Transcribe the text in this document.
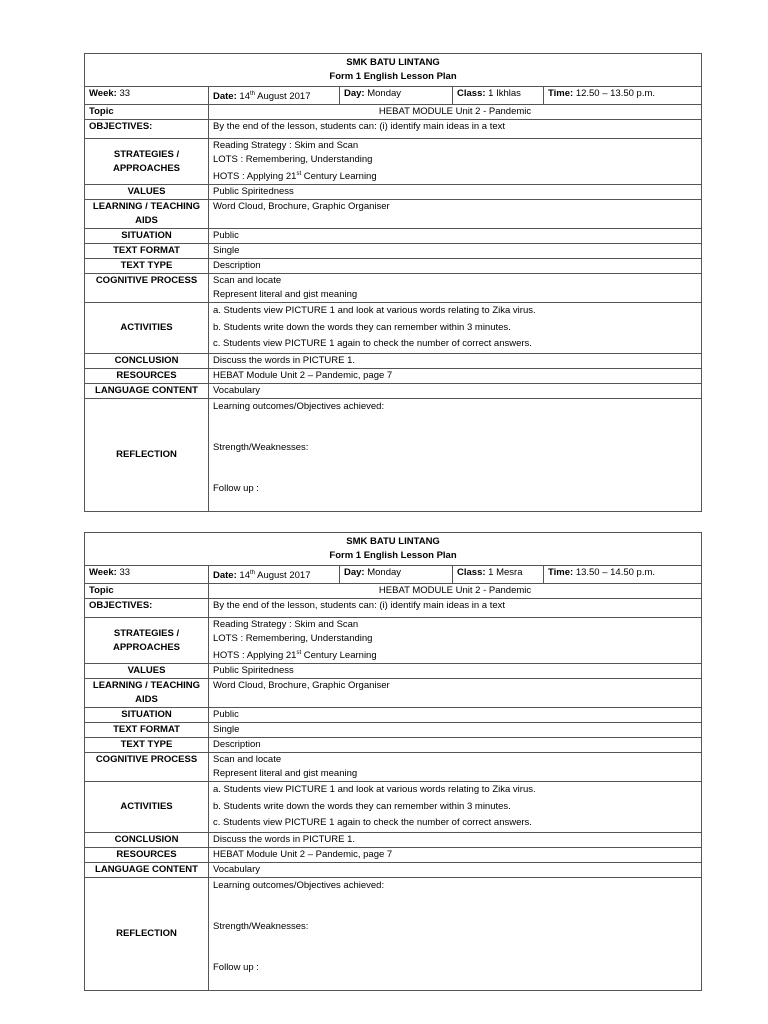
SMK BATU LINTANG
Form 1 English Lesson Plan				

Week: 33	Date: 14th August 2017	Day: Monday	Class: 1 Ikhlas	Time: 12.50 – 13.50 p.m.
Topic	HEBAT MODULE Unit 2 - Pandemic			
OBJECTIVES:	By the end of the lesson, students can: (i) identify main ideas in a text			
STRATEGIES / APPROACHES	Reading Strategy : Skim and Scan
LOTS : Remembering, Understanding
HOTS : Applying 21st Century Learning			

VALUES	Public Spiritedness			
LEARNING / TEACHING AIDS	Word Cloud, Brochure, Graphic Organiser			
SITUATION	Public			
TEXT FORMAT	Single			
TEXT TYPE	Description			
COGNITIVE PROCESS	Scan and locate
Represent literal and gist meaning			

ACTIVITIES	a. Students view PICTURE 1 and look at various words relating to Zika virus.
b. Students write down the words they can remember within 3 minutes.
c. Students view PICTURE 1 again to check the number of correct answers.			

CONCLUSION	Discuss the words in PICTURE 1.			
RESOURCES	HEBAT Module Unit 2 – Pandemic, page 7			
LANGUAGE CONTENT	Vocabulary			
REFLECTION	Learning outcomes/Objectives achieved:
Strength/Weaknesses:
Follow up :			
SMK BATU LINTANG
Form 1 English Lesson Plan				

Week: 33	Date: 14th August 2017	Day: Monday	Class: 1 Mesra	Time: 13.50 – 14.50 p.m.
Topic	HEBAT MODULE Unit 2 - Pandemic			
OBJECTIVES:	By the end of the lesson, students can: (i) identify main ideas in a text			
STRATEGIES / APPROACHES	Reading Strategy : Skim and Scan
LOTS : Remembering, Understanding
HOTS : Applying 21st Century Learning			

VALUES	Public Spiritedness			
LEARNING / TEACHING AIDS	Word Cloud, Brochure, Graphic Organiser			
SITUATION	Public			
TEXT FORMAT	Single			
TEXT TYPE	Description			
COGNITIVE PROCESS	Scan and locate
Represent literal and gist meaning			

ACTIVITIES	a. Students view PICTURE 1 and look at various words relating to Zika virus.
b. Students write down the words they can remember within 3 minutes.
c. Students view PICTURE 1 again to check the number of correct answers.			

CONCLUSION	Discuss the words in PICTURE 1.			
RESOURCES	HEBAT Module Unit 2 – Pandemic, page 7			
LANGUAGE CONTENT	Vocabulary			
REFLECTION	Learning outcomes/Objectives achieved:
Strength/Weaknesses:
Follow up :			
